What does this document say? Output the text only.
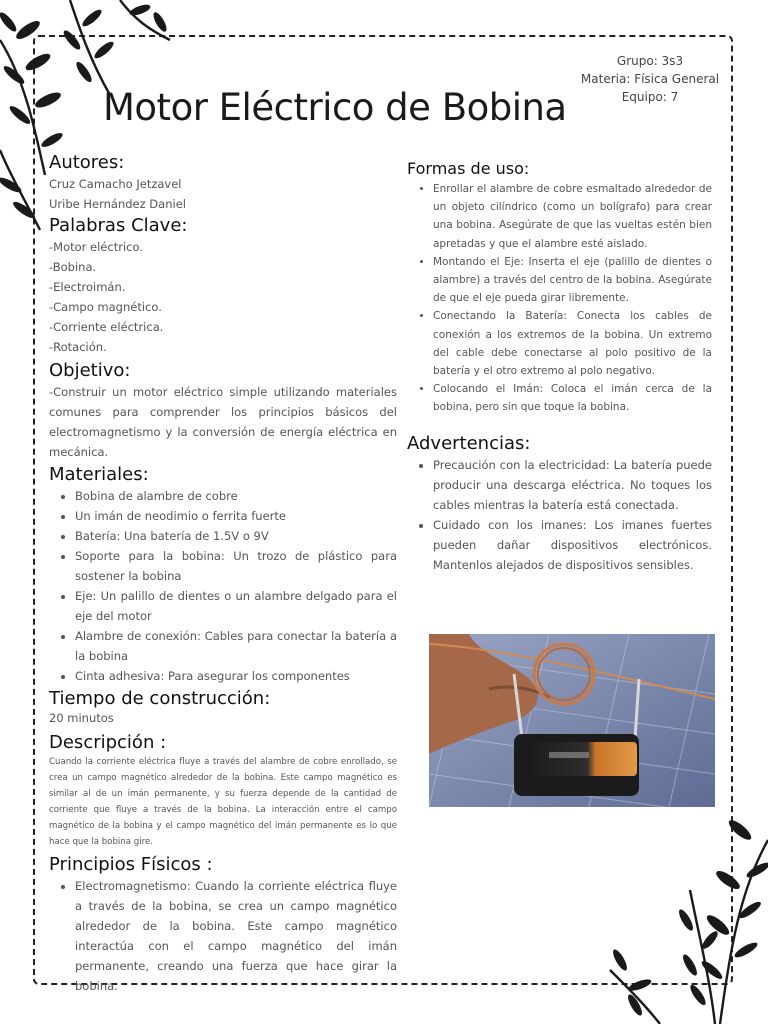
Motor Eléctrico de Bobina
Grupo: 3s3
Materia: Física General
Equipo: 7
Autores:

Cruz Camacho Jetzavel

Uribe Hernández Daniel

Palabras Clave:

-Motor eléctrico.

-Bobina.

-Electroimán.

-Campo magnético.

-Corriente eléctrica.

-Rotación.

Objetivo:

-Construir un motor eléctrico simple utilizando materiales comunes para comprender los principios básicos del electromagnetismo y la conversión de energía eléctrica en mecánica.

Materiales:
• Bobina de alambre de cobre
• Un imán de neodimio o ferrita fuerte
• Batería: Una batería de 1.5V o 9V
• Soporte para la bobina: Un trozo de plástico para sostener la bobina
• Eje: Un palillo de dientes o un alambre delgado para el eje del motor
• Alambre de conexión: Cables para conectar la batería a la bobina
• Cinta adhesiva: Para asegurar los componentes
Tiempo de construcción:

20 minutos

Descripción :

Cuando la corriente eléctrica fluye a través del alambre de cobre enrollado, se crea un campo magnético alrededor de la bobina. Este campo magnético es similar al de un imán permanente, y su fuerza depende de la cantidad de corriente que fluye a través de la bobina. La interacción entre el campo magnético de la bobina y el campo magnético del imán permanente es lo que hace que la bobina gire.

Principios Físicos :
• Electromagnetismo: Cuando la corriente eléctrica fluye a través de la bobina, se crea un campo magnético alrededor de la bobina. Este campo magnético interactúa con el campo magnético del imán permanente, creando una fuerza que hace girar la bobina.
Formas de uso:
• Enrollar el alambre de cobre esmaltado alrededor de un objeto cilíndrico (como un bolígrafo) para crear una bobina. Asegúrate de que las vueltas estén bien apretadas y que el alambre esté aislado.
• Montando el Eje: Inserta el eje (palillo de dientes o alambre) a través del centro de la bobina. Asegúrate de que el eje pueda girar libremente.
• Conectando la Batería: Conecta los cables de conexión a los extremos de la bobina. Un extremo del cable debe conectarse al polo positivo de la batería y el otro extremo al polo negativo.
• Colocando el Imán: Coloca el imán cerca de la bobina, pero sin que toque la bobina.
Advertencias:
• Precaución con la electricidad: La batería puede producir una descarga eléctrica. No toques los cables mientras la batería está conectada.
• Cuidado con los imanes: Los imanes fuertes pueden dañar dispositivos electrónicos. Mantenlos alejados de dispositivos sensibles.
